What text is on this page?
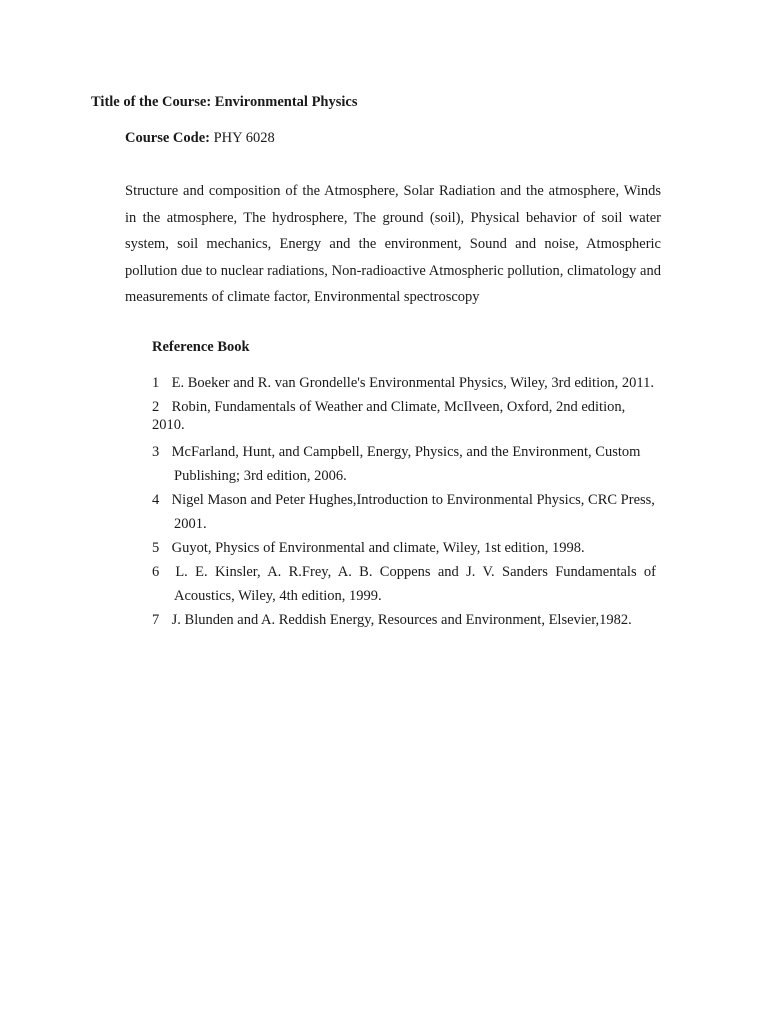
Title of the Course: Environmental Physics
Course Code: PHY 6028
Structure and composition of the Atmosphere, Solar Radiation and the atmosphere, Winds in the atmosphere, The hydrosphere, The ground (soil), Physical behavior of soil water system, soil mechanics, Energy and the environment, Sound and noise, Atmospheric pollution due to nuclear radiations, Non-radioactive Atmospheric pollution, climatology and measurements of climate factor, Environmental spectroscopy
Reference Book
1 E. Boeker and R. van Grondelle's Environmental Physics, Wiley, 3rd edition, 2011.
2 Robin, Fundamentals of Weather and Climate, McIlveen, Oxford, 2nd edition, 2010.
3 McFarland, Hunt, and Campbell, Energy, Physics, and the Environment, Custom Publishing; 3rd edition, 2006.
4 Nigel Mason and Peter Hughes,Introduction to Environmental Physics, CRC Press, 2001.
5 Guyot, Physics of Environmental and climate, Wiley, 1st edition, 1998.
6 L. E. Kinsler, A. R.Frey, A. B. Coppens and J. V. Sanders Fundamentals of Acoustics, Wiley, 4th edition, 1999.
7 J. Blunden and A. Reddish Energy, Resources and Environment, Elsevier,1982.
